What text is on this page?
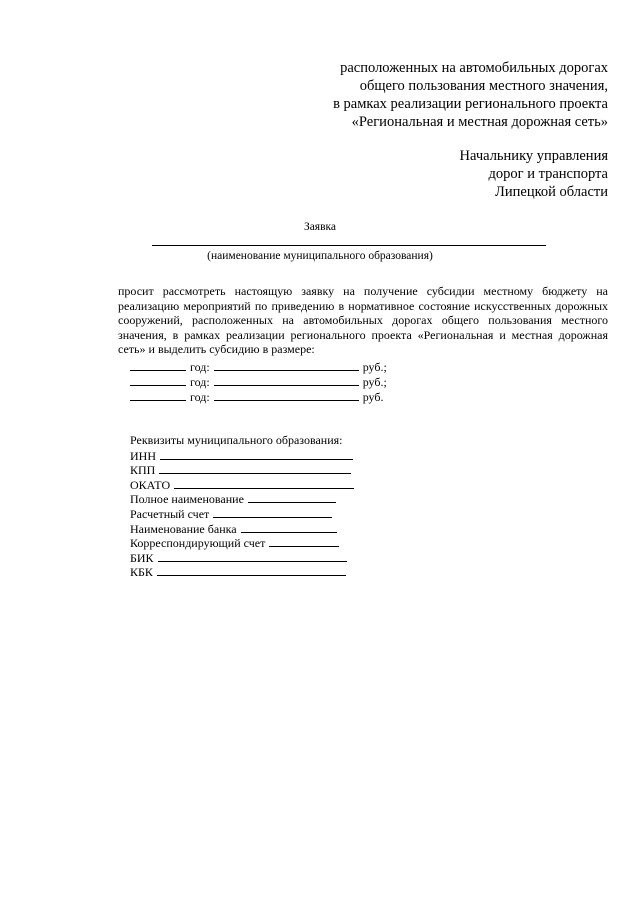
расположенных на автомобильных дорогах
общего пользования местного значения,
в рамках реализации регионального проекта
«Региональная и местная дорожная сеть»
Начальнику управления
дорог и транспорта
Липецкой области
Заявка
(наименование муниципального образования)
просит рассмотреть настоящую заявку на получение субсидии местному бюджету на реализацию мероприятий по приведению в нормативное состояние искусственных дорожных сооружений, расположенных на автомобильных дорогах общего пользования местного значения, в рамках реализации регионального проекта «Региональная и местная дорожная сеть» и выделить субсидию в размере:
год:	руб.;
год:	руб.;
год:	руб.
Реквизиты муниципального образования:
ИНН
КПП
ОКАТО
Полное наименование
Расчетный счет
Наименование банка
Корреспондирующий счет
БИК
КБК
